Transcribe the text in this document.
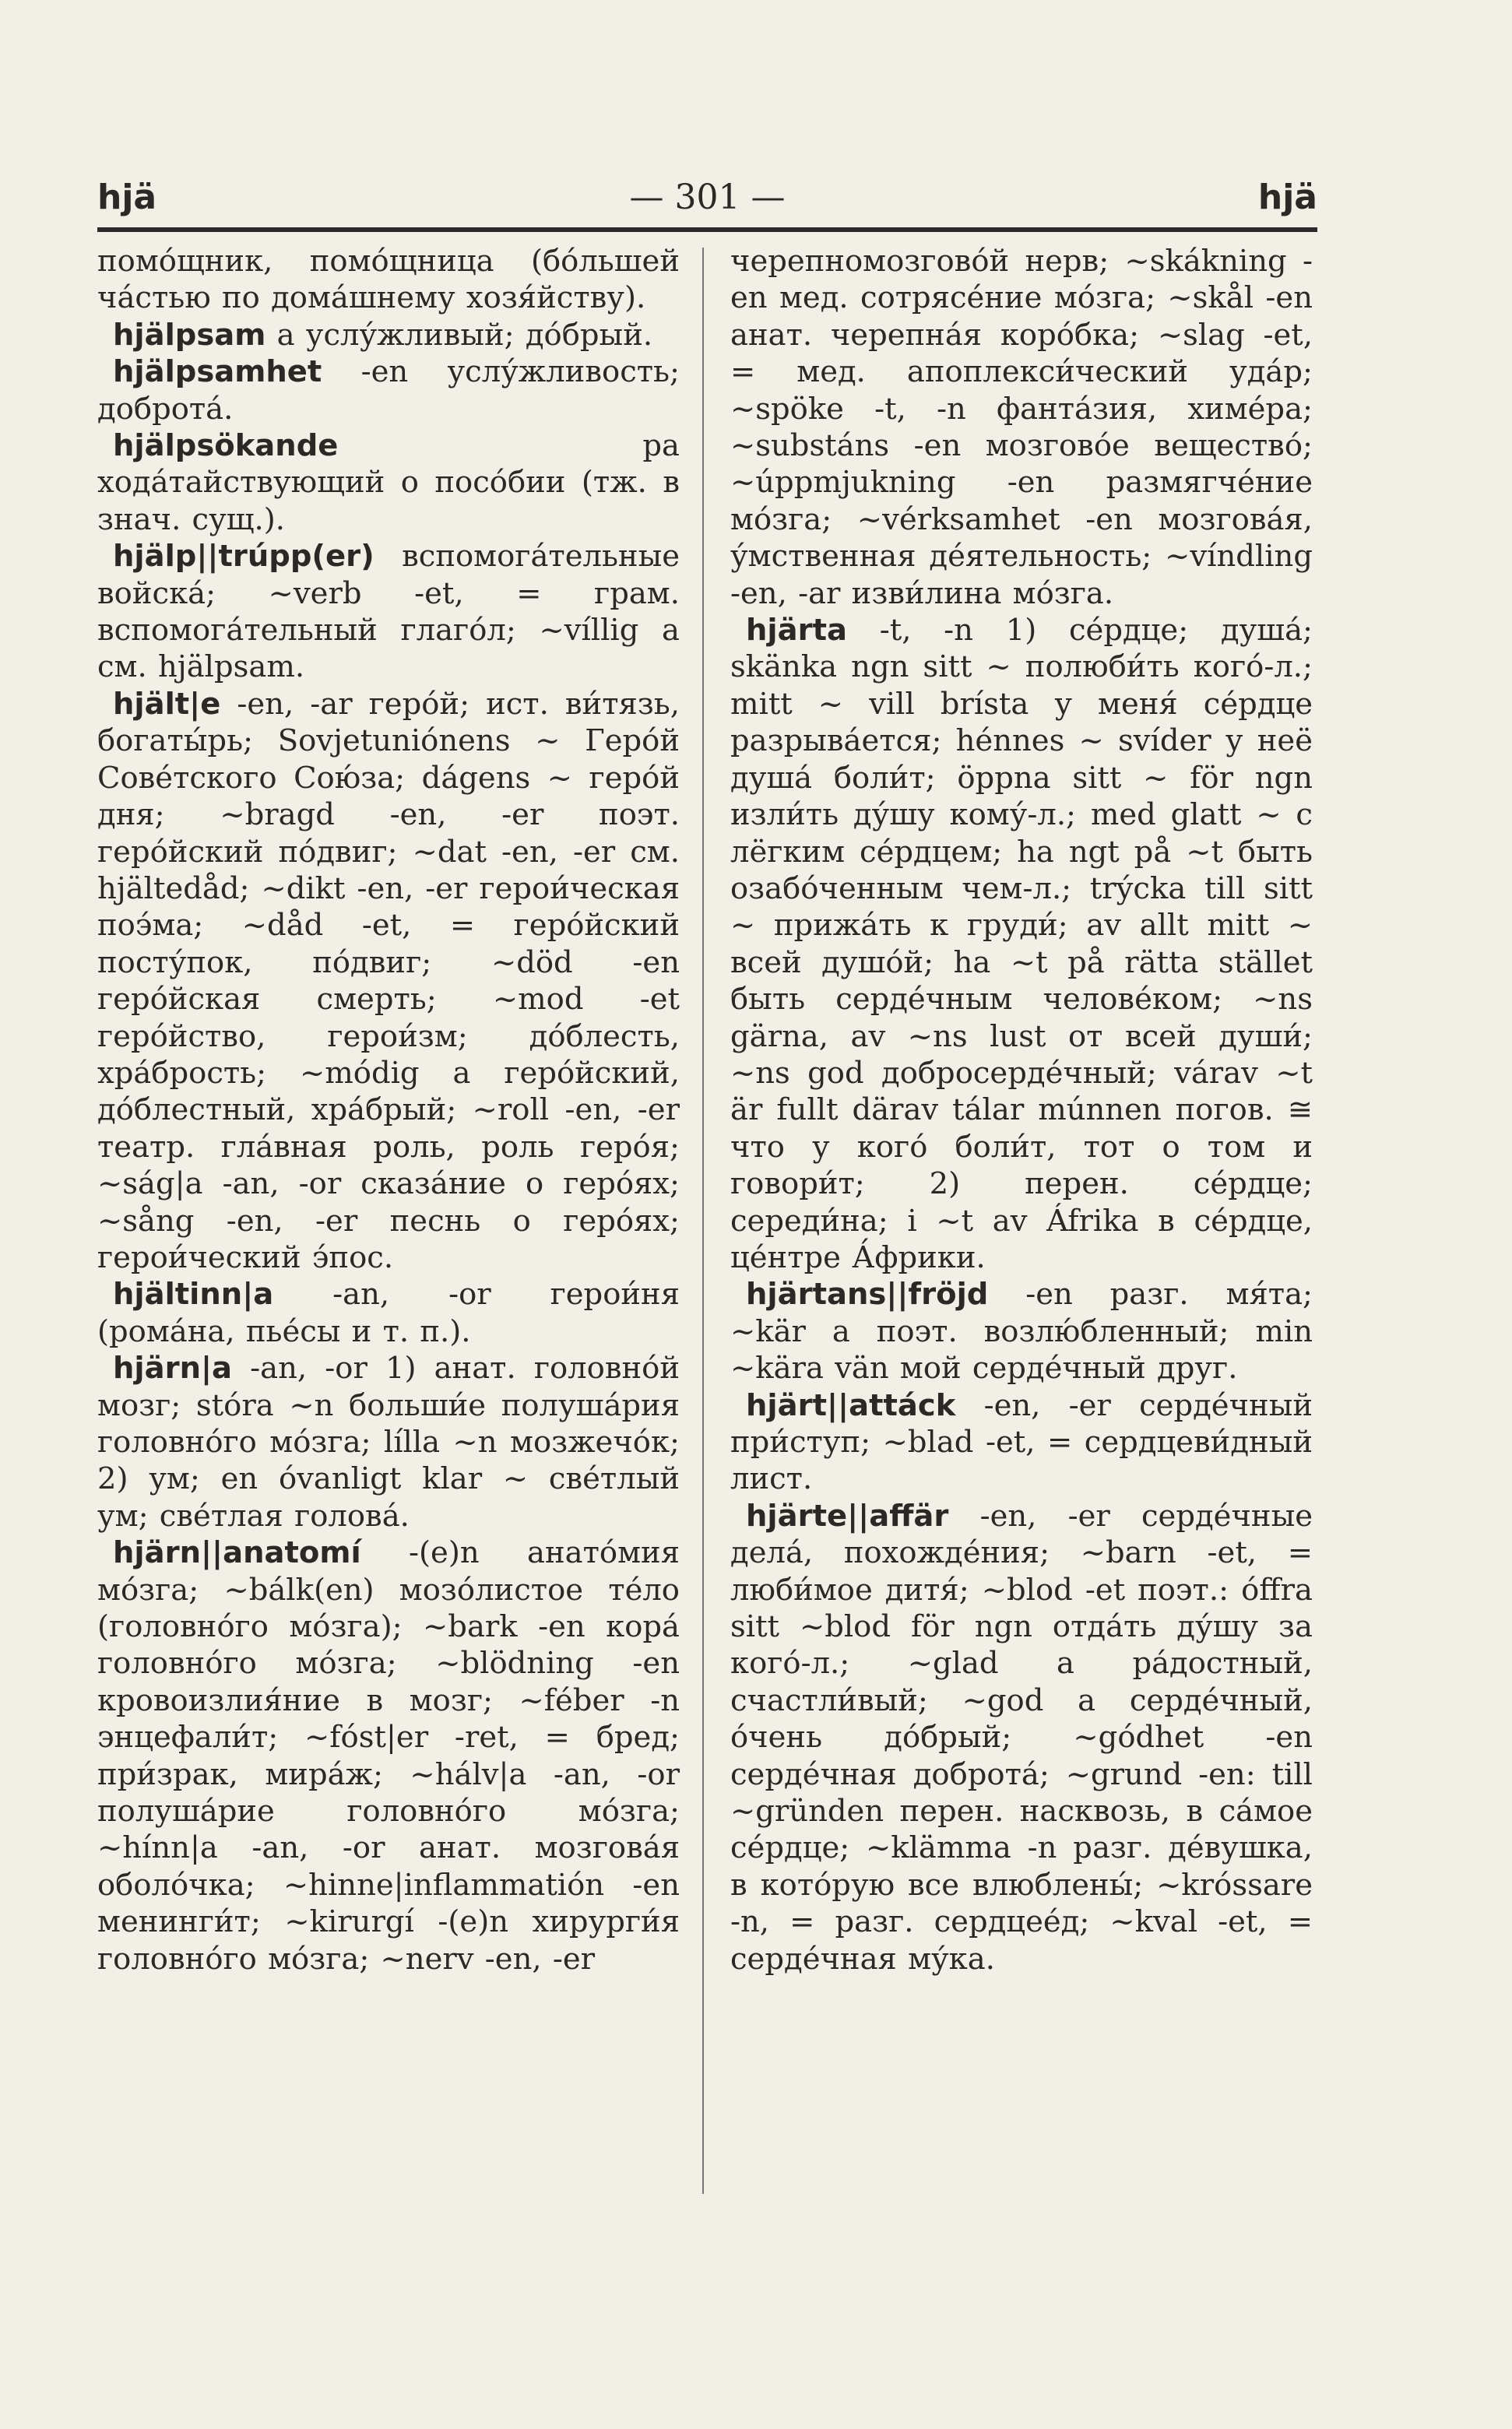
hjä	— 301 —	hjä

помо́щник, помо́щница (бо́льшей ча́стью по дома́шнему хозя́йству).

hjälpsam а услу́жливый; до́брый.

hjälpsamhet -en услу́жливость; доброта́.

hjälpsökande	pa хода́тайствующий о посо́бии (тж. в знач. сущ.).

hjälp||trúpp(er) вспомога́тельные войска́; ~verb -et, = грам. вспомога́тельный глаго́л; ~víllig а см. hjälpsam.

hjält|e -en, -ar геро́й; ист. ви́тязь, богаты́рь; Sovjetuniónens ~ Геро́й Сове́тского Сою́за; dágens ~ геро́й дня; ~bragd -en, -er поэт. геро́йский по́двиг; ~dat -en, -er см. hjältedåd; ~dikt -en, -er герои́ческая поэ́ма; ~dåd -et, = геро́йский посту́пок, по́двиг; ~död -en геро́йская смерть; ~mod -et геро́йство, герои́зм; до́блесть, хра́брость; ~módig а геро́йский, до́блестный, хра́брый; ~roll -en, -er театр. гла́вная роль, роль геро́я; ~ság|a -an, -or сказа́ние о геро́ях; ~sång -en, -er песнь о геро́ях; герои́ческий э́пос.

hjältinn|a -an, -or герои́ня (рома́на, пье́сы и т. п.).

hjärn|a -an, -or 1) анат. головно́й мозг; stóra ~n больши́е полуша́рия головно́го мо́зга; lílla ~n мозжечо́к; 2) ум; en óvanligt klar ~ све́тлый ум; све́тлая голова́.

hjärn||anatomí -(e)n анато́мия мо́зга; ~bálk(en) мозо́листое те́ло (головно́го мо́зга); ~bark -en кора́ головно́го мо́зга; ~blödning -en кровоизлия́ние в мозг; ~féber -n энцефали́т; ~fóst|er -ret, = бред; при́зрак, мира́ж; ~hálv|a -an, -or полуша́рие головно́го мо́зга; ~hínn|a -an, -or анат. мозгова́я оболо́чка; ~hinne|inflammatión -en менинги́т; ~kirurgí -(e)n хирурги́я головно́го мо́зга; ~nerv -en, -er

черепномозгово́й нерв; ~skákning -en мед. сотрясе́ние мо́зга; ~skål -en анат. черепна́я коро́бка; ~slag -et, = мед. апоплекси́ческий уда́р; ~spöke -t, -n фанта́зия, химе́ра; ~substáns -en мозгово́е вещество́; ~úppmjukning -en размягче́ние мо́зга; ~vérksamhet -en мозгова́я, у́мственная де́ятельность; ~víndling -en, -ar изви́лина мо́зга.

hjärta -t, -n 1) се́рдце; душа́; skänka ngn sitt ~ полюби́ть кого́-л.; mitt ~ vill brísta у меня́ се́рдце разрыва́ется; hénnes ~ svíder у неё душа́ боли́т; öppna sitt ~ för ngn изли́ть ду́шу кому́-л.; med glatt ~ с лёгким се́рдцем; ha ngt på ~t быть озабо́ченным чем-л.; trýcka till sitt ~ прижа́ть к груди́; av allt mitt ~ всей душо́й; ha ~t på rätta stället быть серде́чным челове́ком; ~ns gärna, av ~ns lust от всей души́; ~ns god добросерде́чный; várav ~t är fullt därav tálar múnnen погов. ≅ что у кого́ боли́т, тот о том и говори́т; 2) перен. се́рдце; середи́на; i ~t av Áfrika в се́рдце, це́нтре А́фрики.

hjärtans||fröjd -en разг. мя́та; ~kär а поэт. возлю́бленный; min ~kära vän мой серде́чный друг.

hjärt||attáck -en, -er серде́чный при́ступ; ~blad -et, = сердцеви́дный лист.

hjärte||affär -en, -er серде́чные дела́, похожде́ния; ~barn -et, = люби́мое дитя́; ~blod -et поэт.: óffra sitt ~blod för ngn отда́ть ду́шу за кого́-л.; ~glad а ра́достный, счастли́вый; ~god а серде́чный, о́чень до́брый; ~gódhet -en серде́чная доброта́; ~grund -en: till ~gründen перен. насквозь, в са́мое се́рдце; ~klämma -n разг. де́вушка, в кото́рую все влюблены́; ~króssare -n, = разг. сердцее́д; ~kval -et, = серде́чная му́ка.
